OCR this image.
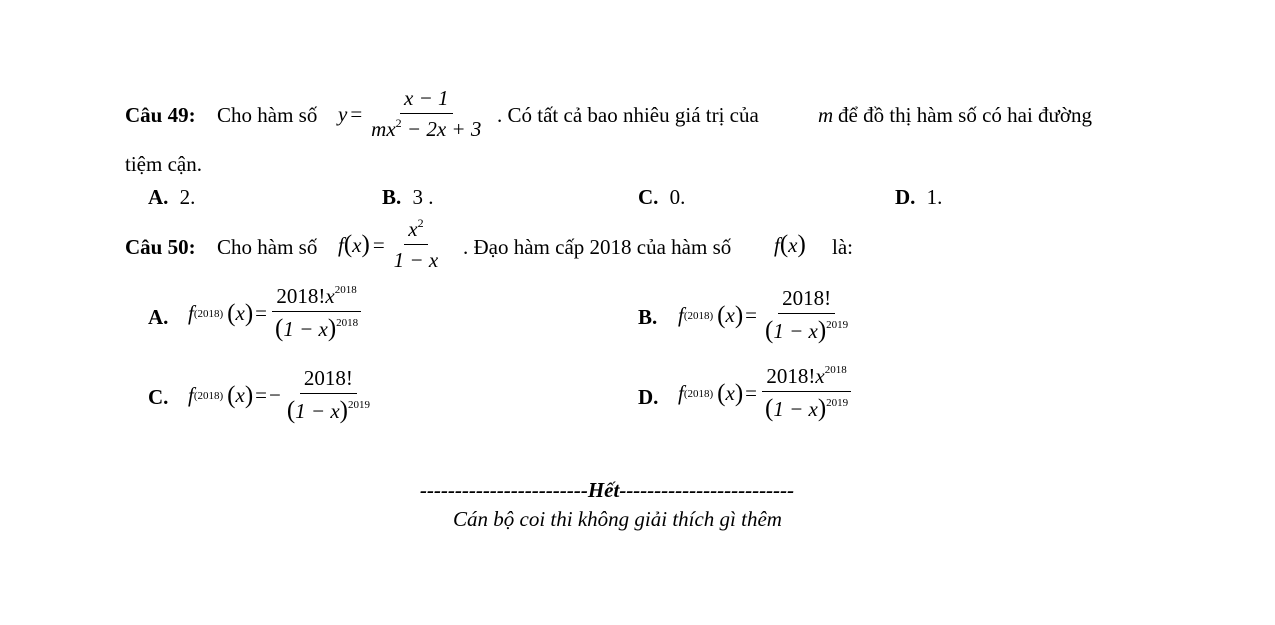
Câu 49: Cho hàm số $y = \frac{x - 1}{mx^2 - 2x + 3}$ . Có tất cả bao nhiêu giá trị của	m để đồ thị hàm số có hai đường
tiệm cận.
A. 2.	B. 3 .	C. 0.	D. 1.
Câu 50: Cho hàm số f ( x ) = $\frac{x^2}{1 - x}$ . Đạo hàm cấp 2018 của hàm số f ( x ) là:
A. f (2018) ( x ) = $\frac{2018!x^{2018}}{(1 - x)^{2018}}$	B. f (2018) ( x ) = $\frac{2018!}{(1 - x)^{2019}}$
C. f (2018) ( x ) = − $\frac{2018!}{(1 - x)^{2019}}$	D. f (2018) ( x ) = $\frac{2018!x^{2018}}{(1 - x)^{2019}}$
------------------------Hết-------------------------
Cán bộ coi thi không giải thích gì thêm
